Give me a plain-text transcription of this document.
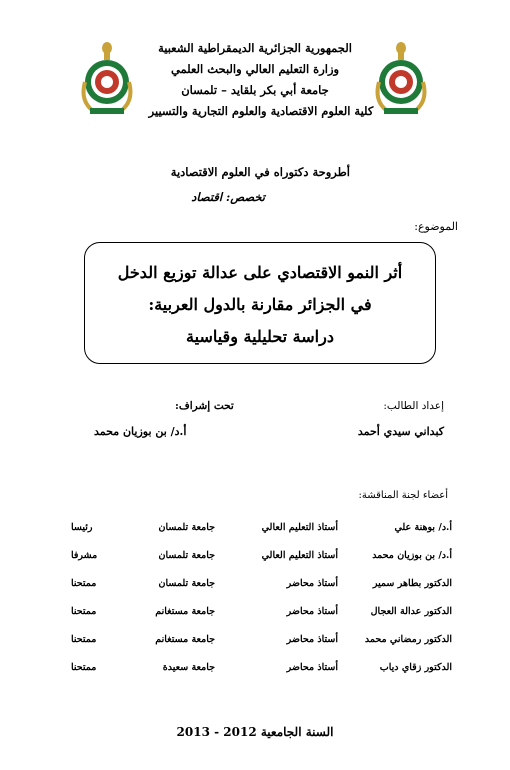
الجمهورية الجزائرية الديمقراطية الشعبية
وزارة التعليم العالي والبحث العلمي
جامعة أبي بكر بلقايد – تلمسان
كلية العلوم الاقتصادية والعلوم التجارية والتسيير
أطروحة دكتوراه في العلوم الاقتصادية
تخصص: اقتصاد
الموضوع:
أثر النمو الاقتصادي على عدالة توزيع الدخل
في الجزائر مقارنة بالدول العربية:
دراسة تحليلية وقياسية
إعداد الطالب:
كبداني سيدي أحمد
تحت إشراف:
أ.د/ بن بوزيان محمد
أعضاء لجنة المناقشة:
أ.د/ بوهنة علي
أستاذ التعليم العالي
جامعة تلمسان
رئيسا
أ.د/ بن بوزيان محمد
أستاذ التعليم العالي
جامعة تلمسان
مشرفا
الدكتور بطاهر سمير
أستاذ محاضر
جامعة تلمسان
ممتحنا
الدكتور عدالة العجال
أستاذ محاضر
جامعة مستغانم
ممتحنا
الدكتور رمضاني محمد
أستاذ محاضر
جامعة مستغانم
ممتحنا
الدكتور زقاي دياب
أستاذ محاضر
جامعة سعيدة
ممتحنا
السنة الجامعية 2012 - 2013
